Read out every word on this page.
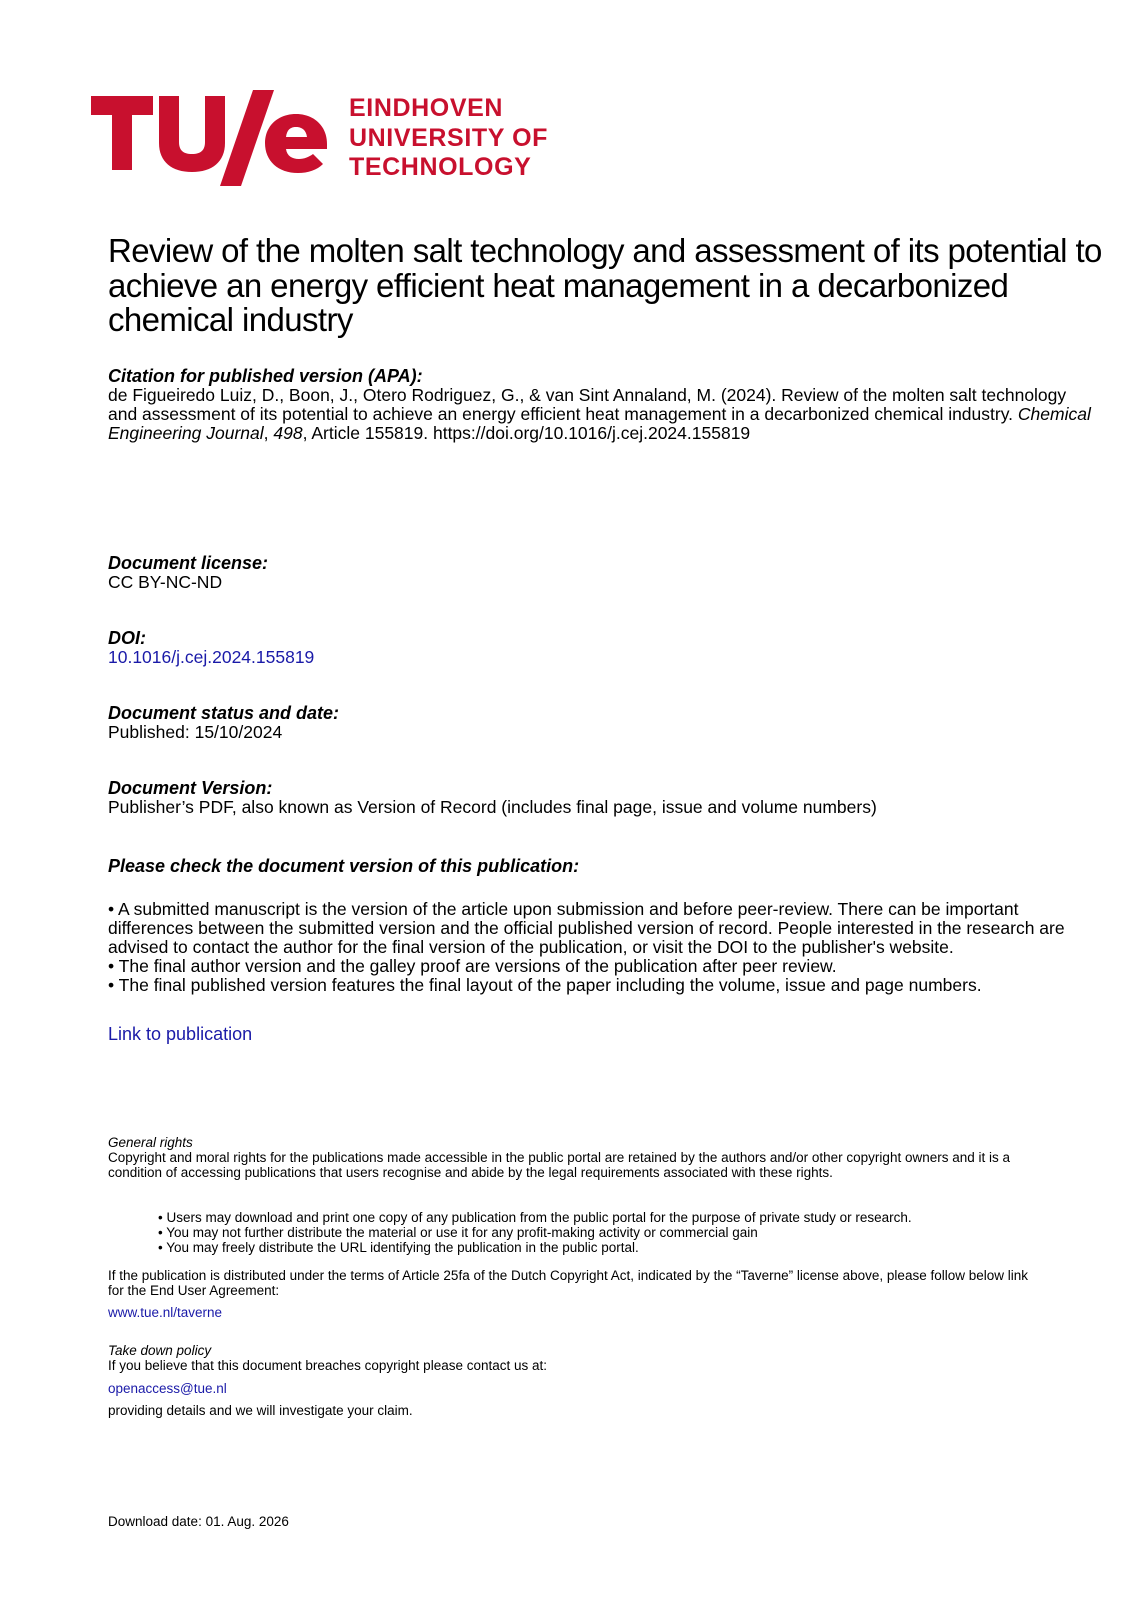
EINDHOVEN
UNIVERSITY OF
TECHNOLOGY
Review of the molten salt technology and assessment of its potential to achieve an energy efficient heat management in a decarbonized chemical industry
Citation for published version (APA):
de Figueiredo Luiz, D., Boon, J., Otero Rodriguez, G., & van Sint Annaland, M. (2024). Review of the molten salt technology and assessment of its potential to achieve an energy efficient heat management in a decarbonized chemical industry. Chemical Engineering Journal, 498, Article 155819. https://doi.org/10.1016/j.cej.2024.155819
Document license:
CC BY-NC-ND
DOI:
10.1016/j.cej.2024.155819
Document status and date:
Published: 15/10/2024
Document Version:
Publisher’s PDF, also known as Version of Record (includes final page, issue and volume numbers)
Please check the document version of this publication:
• A submitted manuscript is the version of the article upon submission and before peer-review. There can be important differences between the submitted version and the official published version of record. People interested in the research are advised to contact the author for the final version of the publication, or visit the DOI to the publisher's website.
• The final author version and the galley proof are versions of the publication after peer review.
• The final published version features the final layout of the paper including the volume, issue and page numbers.
Link to publication
General rights
Copyright and moral rights for the publications made accessible in the public portal are retained by the authors and/or other copyright owners and it is a condition of accessing publications that users recognise and abide by the legal requirements associated with these rights.
• Users may download and print one copy of any publication from the public portal for the purpose of private study or research.
• You may not further distribute the material or use it for any profit-making activity or commercial gain
• You may freely distribute the URL identifying the publication in the public portal.
If the publication is distributed under the terms of Article 25fa of the Dutch Copyright Act, indicated by the “Taverne” license above, please follow below link for the End User Agreement:
www.tue.nl/taverne
Take down policy
If you believe that this document breaches copyright please contact us at:
openaccess@tue.nl
providing details and we will investigate your claim.
Download date: 01. Aug. 2026
